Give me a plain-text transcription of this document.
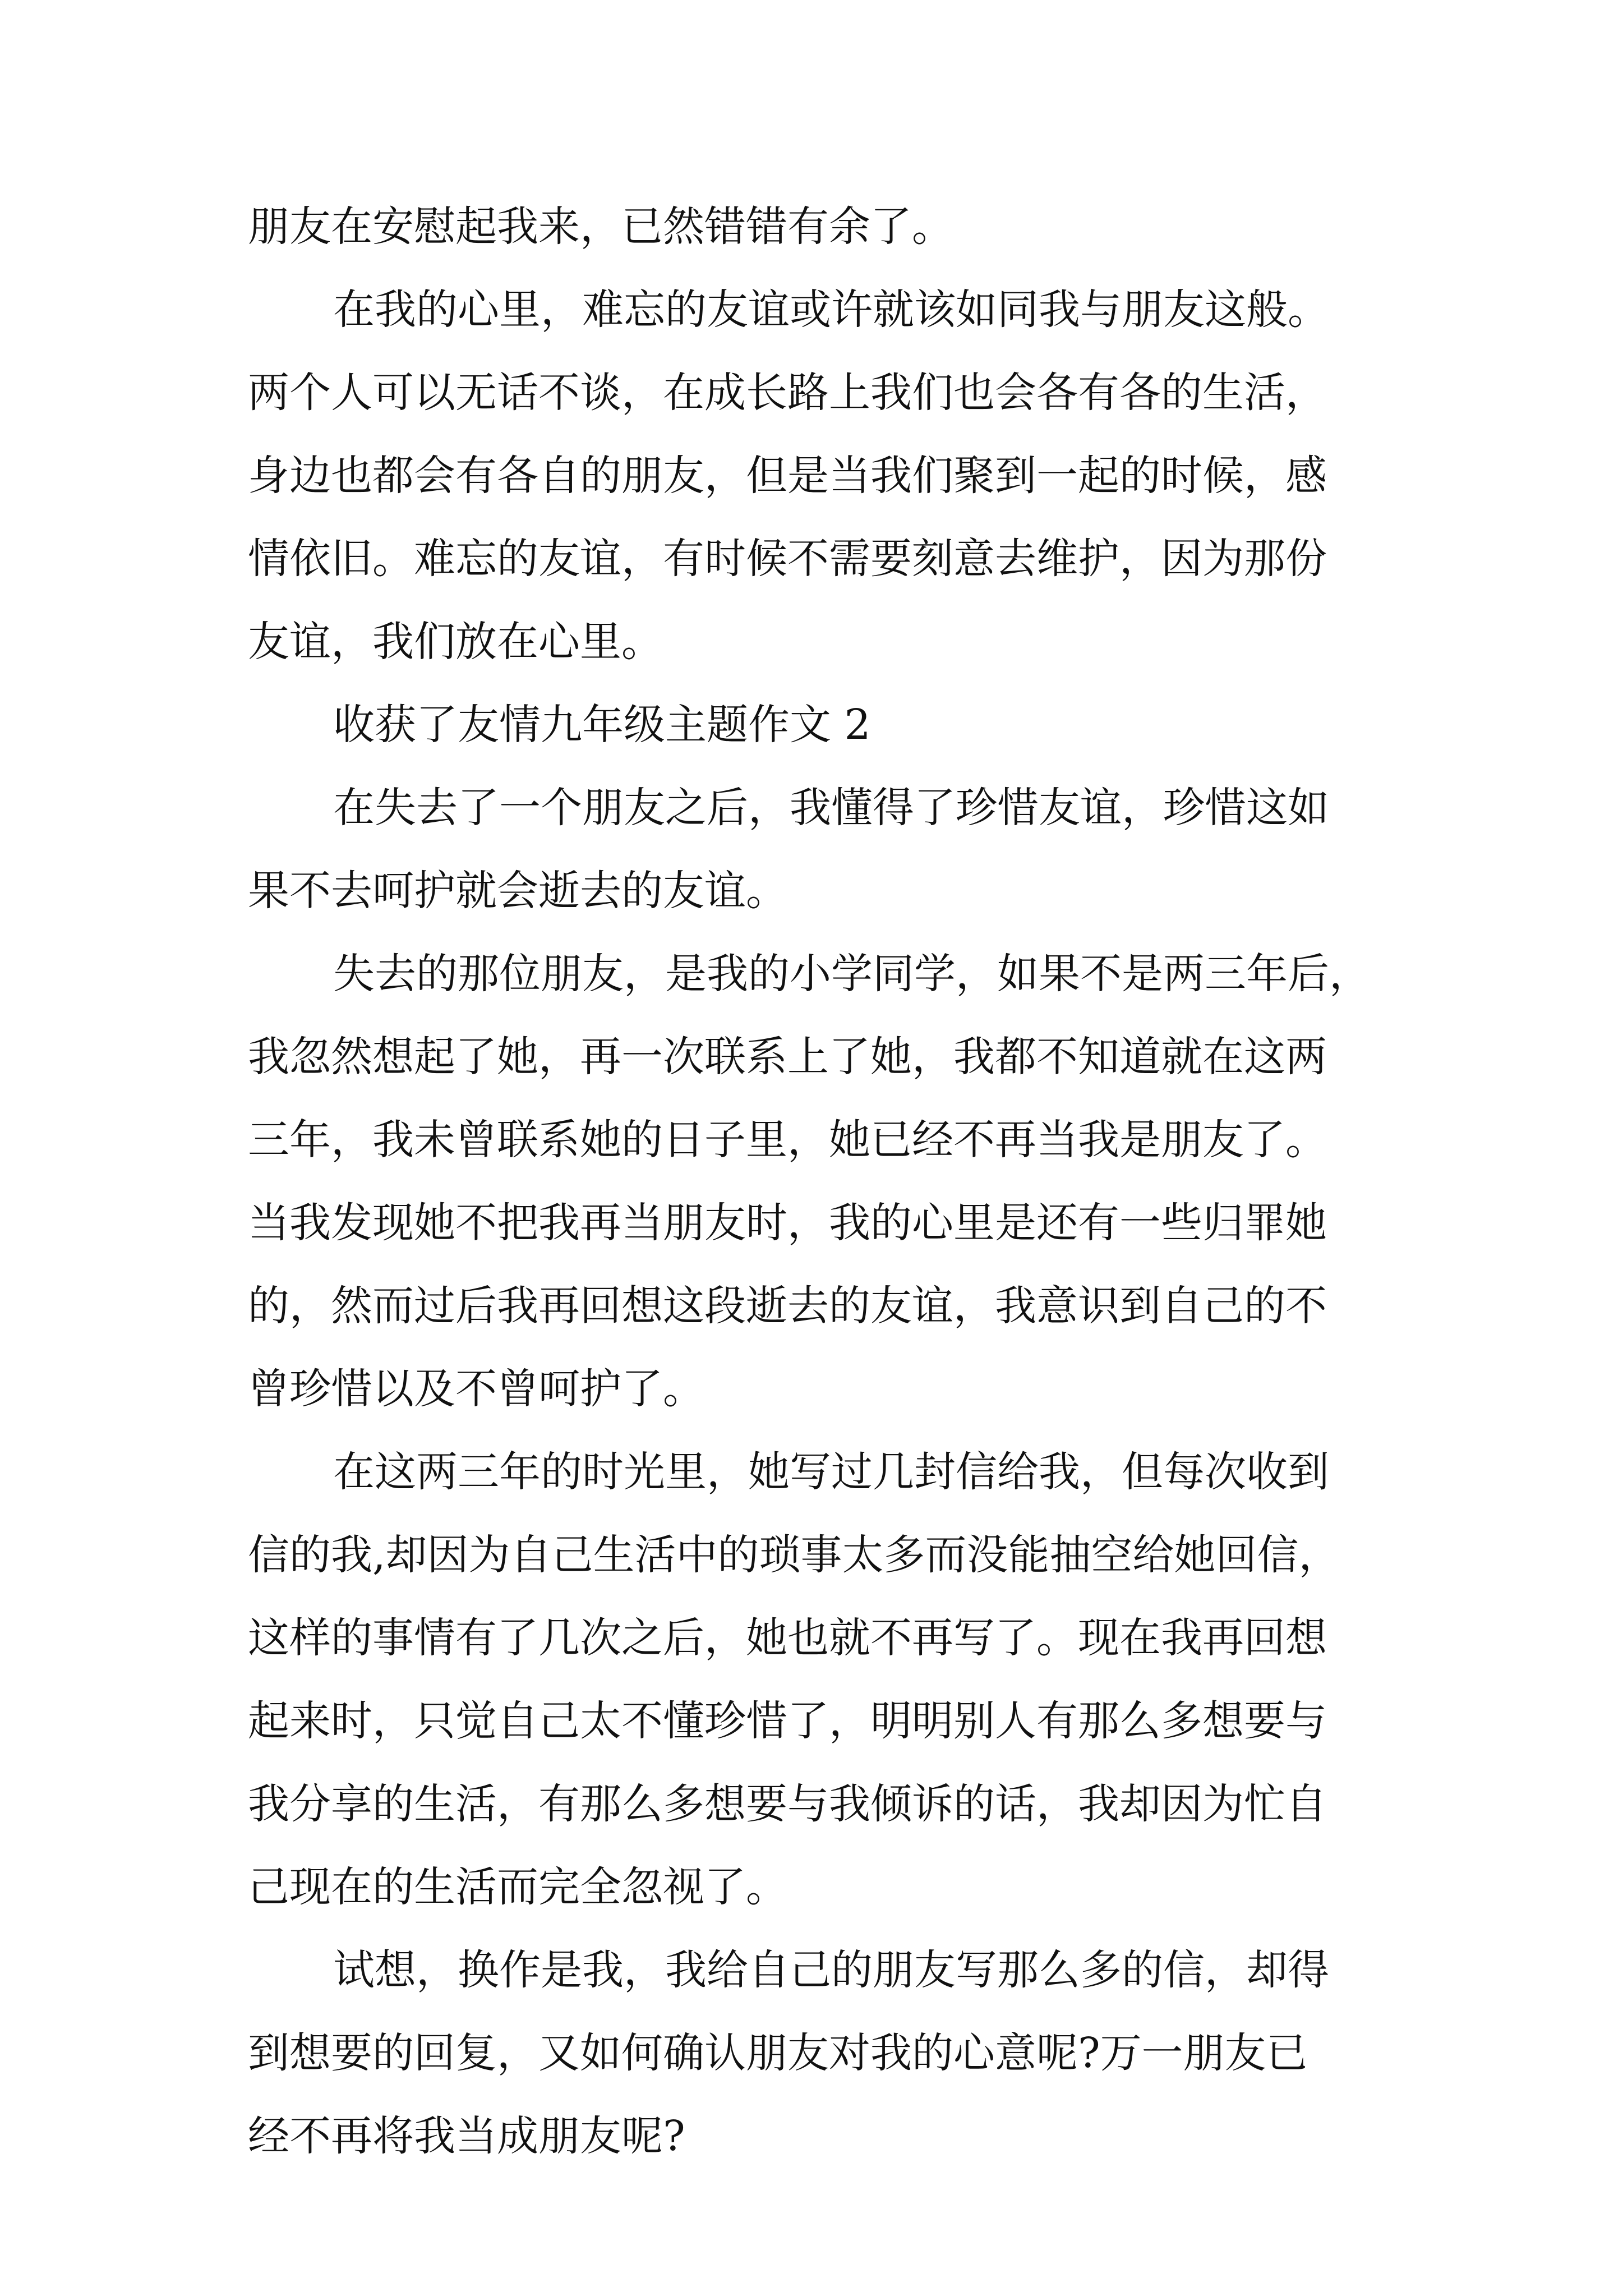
朋友在安慰起我来，已然错错有余了。
在我的心里，难忘的友谊或许就该如同我与朋友这般。
两个人可以无话不谈，在成长路上我们也会各有各的生活，
身边也都会有各自的朋友，但是当我们聚到一起的时候，感
情依旧。难忘的友谊，有时候不需要刻意去维护，因为那份
友谊，我们放在心里。
收获了友情九年级主题作文 2
在失去了一个朋友之后，我懂得了珍惜友谊，珍惜这如
果不去呵护就会逝去的友谊。
失去的那位朋友，是我的小学同学，如果不是两三年后，
我忽然想起了她，再一次联系上了她，我都不知道就在这两
三年，我未曾联系她的日子里，她已经不再当我是朋友了。
当我发现她不把我再当朋友时，我的心里是还有一些归罪她
的，然而过后我再回想这段逝去的友谊，我意识到自己的不
曾珍惜以及不曾呵护了。
在这两三年的时光里，她写过几封信给我，但每次收到
信的我,却因为自己生活中的琐事太多而没能抽空给她回信，
这样的事情有了几次之后，她也就不再写了。现在我再回想
起来时，只觉自己太不懂珍惜了，明明别人有那么多想要与
我分享的生活，有那么多想要与我倾诉的话，我却因为忙自
己现在的生活而完全忽视了。
试想，换作是我，我给自己的朋友写那么多的信，却得
到想要的回复，又如何确认朋友对我的心意呢?万一朋友已
经不再将我当成朋友呢?
